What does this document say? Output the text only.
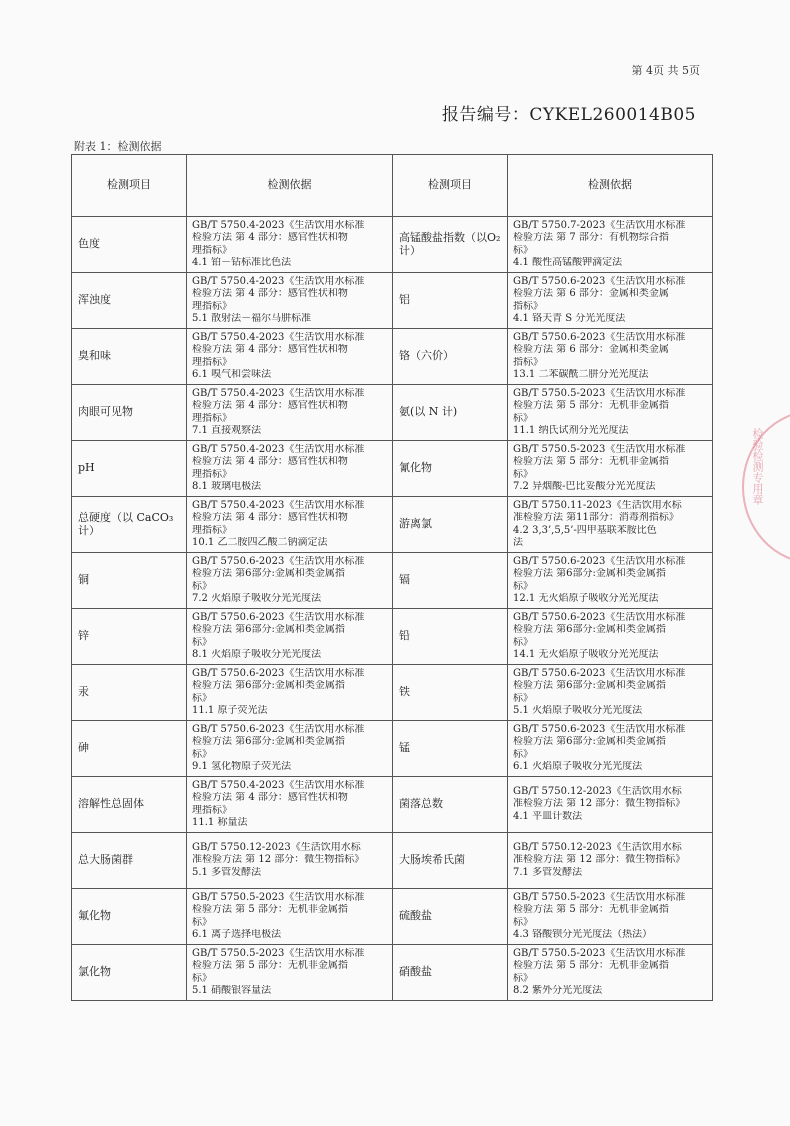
第 4页 共 5页
报告编号：CYKEL260014B05
附表 1：检测依据
检测项目	检测依据	检测项目	检测依据
色度	GB/T 5750.4-2023《生活饮用水标准
检验方法 第 4 部分：感官性状和物
理指标》
4.1 铂－钴标准比色法	高锰酸盐指数（以O₂计）	GB/T 5750.7-2023《生活饮用水标准
检验方法 第 7 部分：有机物综合指
标》
4.1 酸性高锰酸钾滴定法

浑浊度	GB/T 5750.4-2023《生活饮用水标准
检验方法 第 4 部分：感官性状和物
理指标》
5.1 散射法－福尔马肼标准	铝	GB/T 5750.6-2023《生活饮用水标准
检验方法 第 6 部分：金属和类金属
指标》
4.1 铬天青 S 分光光度法

臭和味	GB/T 5750.4-2023《生活饮用水标准
检验方法 第 4 部分：感官性状和物
理指标》
6.1 嗅气和尝味法	铬（六价）	GB/T 5750.6-2023《生活饮用水标准
检验方法 第 6 部分：金属和类金属
指标》
13.1 二苯碳酰二肼分光光度法

肉眼可见物	GB/T 5750.4-2023《生活饮用水标准
检验方法 第 4 部分：感官性状和物
理指标》
7.1 直接观察法	氨(以 N 计)	GB/T 5750.5-2023《生活饮用水标准
检验方法 第 5 部分：无机非金属指
标》
11.1 纳氏试剂分光光度法

pH	GB/T 5750.4-2023《生活饮用水标准
检验方法 第 4 部分：感官性状和物
理指标》
8.1 玻璃电极法	氰化物	GB/T 5750.5-2023《生活饮用水标准
检验方法 第 5 部分：无机非金属指
标》
7.2 异烟酸-巴比妥酸分光光度法

总硬度（以 CaCO₃ 计）	GB/T 5750.4-2023《生活饮用水标准
检验方法 第 4 部分：感官性状和物
理指标》
10.1 乙二胺四乙酸二钠滴定法	游离氯	GB/T 5750.11-2023《生活饮用水标
准检验方法 第11部分：消毒剂指标》
4.2 3,3’,5,5’-四甲基联苯胺比色
法

铜	GB/T 5750.6-2023《生活饮用水标准
检验方法 第6部分:金属和类金属指
标》
7.2 火焰原子吸收分光光度法	镉	GB/T 5750.6-2023《生活饮用水标准
检验方法 第6部分:金属和类金属指
标》
12.1 无火焰原子吸收分光光度法

锌	GB/T 5750.6-2023《生活饮用水标准
检验方法 第6部分:金属和类金属指
标》
8.1 火焰原子吸收分光光度法	铅	GB/T 5750.6-2023《生活饮用水标准
检验方法 第6部分:金属和类金属指
标》
14.1 无火焰原子吸收分光光度法

汞	GB/T 5750.6-2023《生活饮用水标准
检验方法 第6部分:金属和类金属指
标》
11.1 原子荧光法	铁	GB/T 5750.6-2023《生活饮用水标准
检验方法 第6部分:金属和类金属指
标》
5.1 火焰原子吸收分光光度法

砷	GB/T 5750.6-2023《生活饮用水标准
检验方法 第6部分:金属和类金属指
标》
9.1 氢化物原子荧光法	锰	GB/T 5750.6-2023《生活饮用水标准
检验方法 第6部分:金属和类金属指
标》
6.1 火焰原子吸收分光光度法

溶解性总固体	GB/T 5750.4-2023《生活饮用水标准
检验方法 第 4 部分：感官性状和物
理指标》
11.1 称量法	菌落总数	GB/T 5750.12-2023《生活饮用水标
准检验方法 第 12 部分：微生物指标》
4.1 平皿计数法

总大肠菌群	GB/T 5750.12-2023《生活饮用水标
准检验方法 第 12 部分：微生物指标》
5.1 多管发酵法	大肠埃希氏菌	GB/T 5750.12-2023《生活饮用水标
准检验方法 第 12 部分：微生物指标》
7.1 多管发酵法

氟化物	GB/T 5750.5-2023《生活饮用水标准
检验方法 第 5 部分：无机非金属指
标》
6.1 离子选择电极法	硫酸盐	GB/T 5750.5-2023《生活饮用水标准
检验方法 第 5 部分：无机非金属指
标》
4.3 铬酸钡分光光度法（热法）

氯化物	GB/T 5750.5-2023《生活饮用水标准
检验方法 第 5 部分：无机非金属指
标》
5.1 硝酸银容量法	硝酸盐	GB/T 5750.5-2023《生活饮用水标准
检验方法 第 5 部分：无机非金属指
标》
8.2 紫外分光光度法
检验检测专用章
